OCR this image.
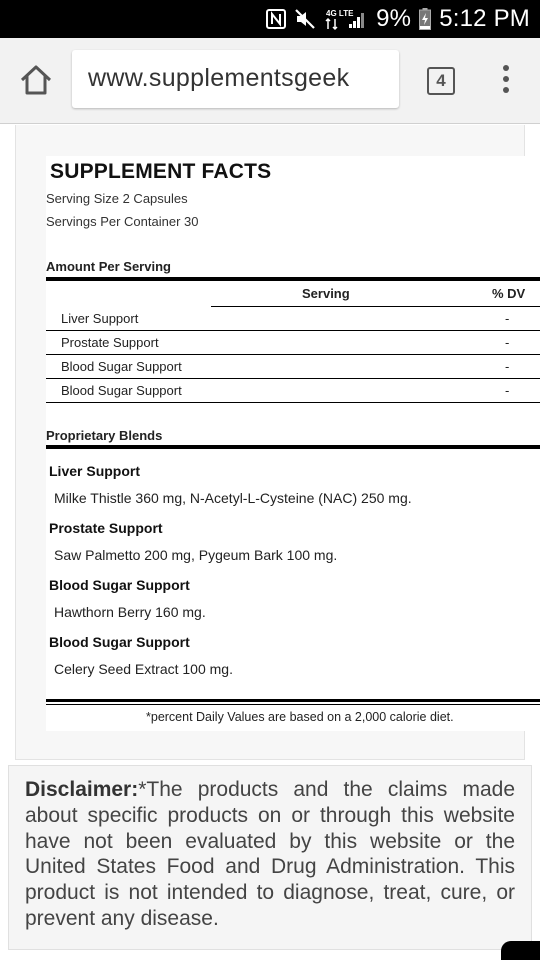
4G LTE 9% 5:12 PM
www.supplementsgeek	4
SUPPLEMENT FACTS
Serving Size 2 Capsules
Servings Per Container 30
Amount Per Serving
Serving	% DV
Liver Support	-
Prostate Support	-
Blood Sugar Support	-
Blood Sugar Support	-
Proprietary Blends
Liver Support
Milke Thistle 360 mg, N-Acetyl-L-Cysteine (NAC) 250 mg.
Prostate Support
Saw Palmetto 200 mg, Pygeum Bark 100 mg.
Blood Sugar Support
Hawthorn Berry 160 mg.
Blood Sugar Support
Celery Seed Extract 100 mg.
*percent Daily Values are based on a 2,000 calorie diet.
Disclaimer:*The products and the claims made about specific products on or through this website have not been evaluated by this website or the United States Food and Drug Administration. This product is not intended to diagnose, treat, cure, or prevent any disease.
